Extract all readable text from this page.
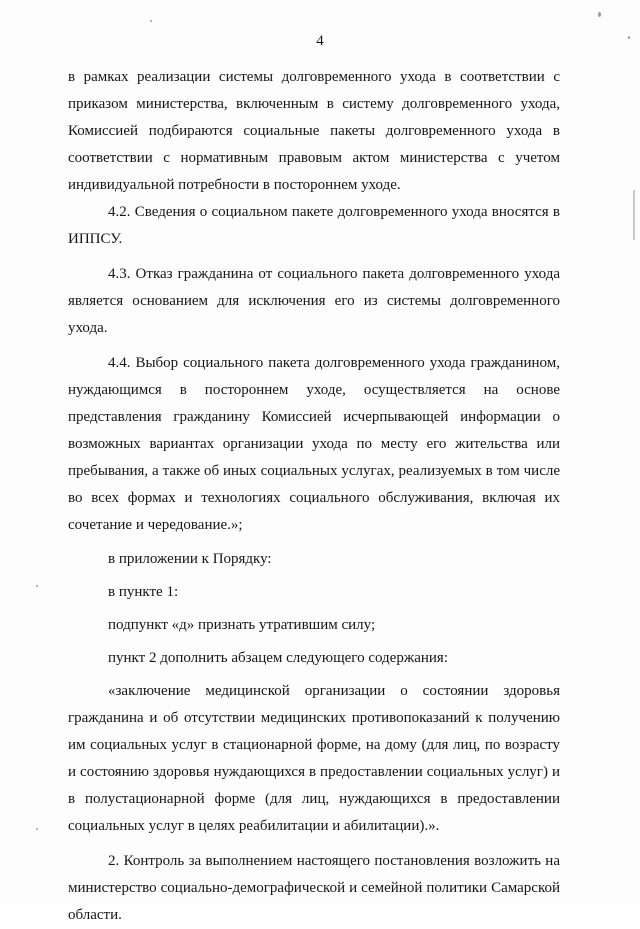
4

в рамках реализации системы долговременного ухода в соответствии с приказом министерства, включенным в систему долговременного ухода, Комиссией подбираются социальные пакеты долговременного ухода в соответствии с нормативным правовым актом министерства с учетом индивидуальной потребности в постороннем уходе.

4.2. Сведения о социальном пакете долговременного ухода вносятся в ИППСУ.

4.3. Отказ гражданина от социального пакета долговременного ухода является основанием для исключения его из системы долговременного ухода.

4.4. Выбор социального пакета долговременного ухода гражданином, нуждающимся в постороннем уходе, осуществляется на основе представления гражданину Комиссией исчерпывающей информации о возможных вариантах организации ухода по месту его жительства или пребывания, а также об иных социальных услугах, реализуемых в том числе во всех формах и технологиях социального обслуживания, включая их сочетание и чередование.»;

в приложении к Порядку:

в пункте 1:

подпункт «д» признать утратившим силу;

пункт 2 дополнить абзацем следующего содержания:

«заключение медицинской организации о состоянии здоровья гражданина и об отсутствии медицинских противопоказаний к получению им социальных услуг в стационарной форме, на дому (для лиц, по возрасту и состоянию здоровья нуждающихся в предоставлении социальных услуг) и в полустационарной форме (для лиц, нуждающихся в предоставлении социальных услуг в целях реабилитации и абилитации).».

2. Контроль за выполнением настоящего постановления возложить на министерство социально-демографической и семейной политики Самарской области.
